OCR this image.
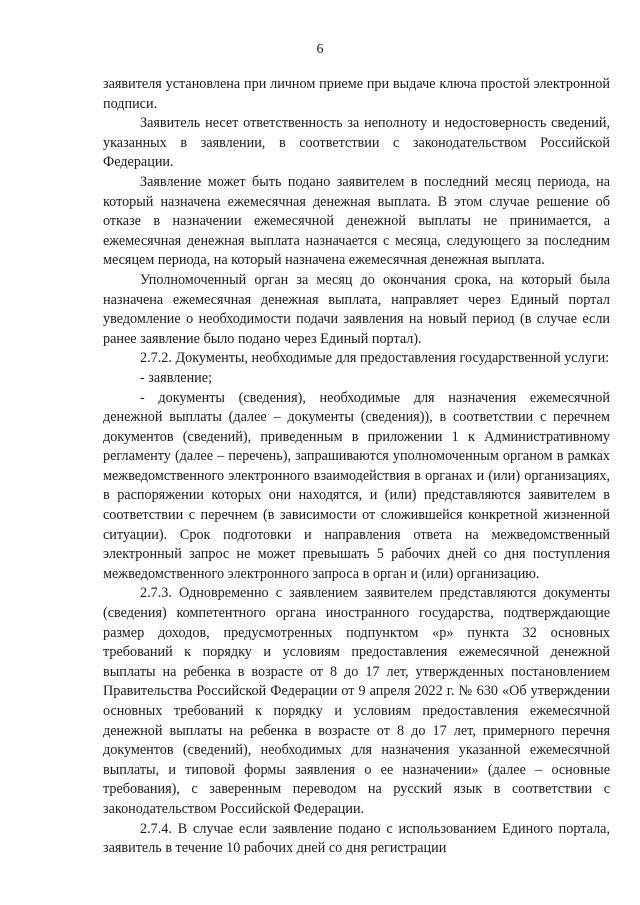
6

заявителя установлена при личном приеме при выдаче ключа простой электронной подписи.

Заявитель несет ответственность за неполноту и недостоверность сведений, указанных в заявлении, в соответствии с законодательством Российской Федерации.

Заявление может быть подано заявителем в последний месяц периода, на который назначена ежемесячная денежная выплата. В этом случае решение об отказе в назначении ежемесячной денежной выплаты не принимается, а ежемесячная денежная выплата назначается с месяца, следующего за последним месяцем периода, на который назначена ежемесячная денежная выплата.

Уполномоченный орган за месяц до окончания срока, на который была назначена ежемесячная денежная выплата, направляет через Единый портал уведомление о необходимости подачи заявления на новый период (в случае если ранее заявление было подано через Единый портал).

2.7.2. Документы, необходимые для предоставления государственной услуги:

- заявление;

- документы (сведения), необходимые для назначения ежемесячной денежной выплаты (далее – документы (сведения)), в соответствии с перечнем документов (сведений), приведенным в приложении 1 к Административному регламенту (далее – перечень), запрашиваются уполномоченным органом в рамках межведомственного электронного взаимодействия в органах и (или) организациях, в распоряжении которых они находятся, и (или) представляются заявителем в соответствии с перечнем (в зависимости от сложившейся конкретной жизненной ситуации). Срок подготовки и направления ответа на межведомственный электронный запрос не может превышать 5 рабочих дней со дня поступления межведомственного электронного запроса в орган и (или) организацию.

2.7.3. Одновременно с заявлением заявителем представляются документы (сведения) компетентного органа иностранного государства, подтверждающие размер доходов, предусмотренных подпунктом «р» пункта 32 основных требований к порядку и условиям предоставления ежемесячной денежной выплаты на ребенка в возрасте от 8 до 17 лет, утвержденных постановлением Правительства Российской Федерации от 9 апреля 2022 г. № 630 «Об утверждении основных требований к порядку и условиям предоставления ежемесячной денежной выплаты на ребенка в возрасте от 8 до 17 лет, примерного перечня документов (сведений), необходимых для назначения указанной ежемесячной выплаты, и типовой формы заявления о ее назначении» (далее – основные требования), с заверенным переводом на русский язык в соответствии с законодательством Российской Федерации.

2.7.4. В случае если заявление подано с использованием Единого портала, заявитель в течение 10 рабочих дней со дня регистрации
